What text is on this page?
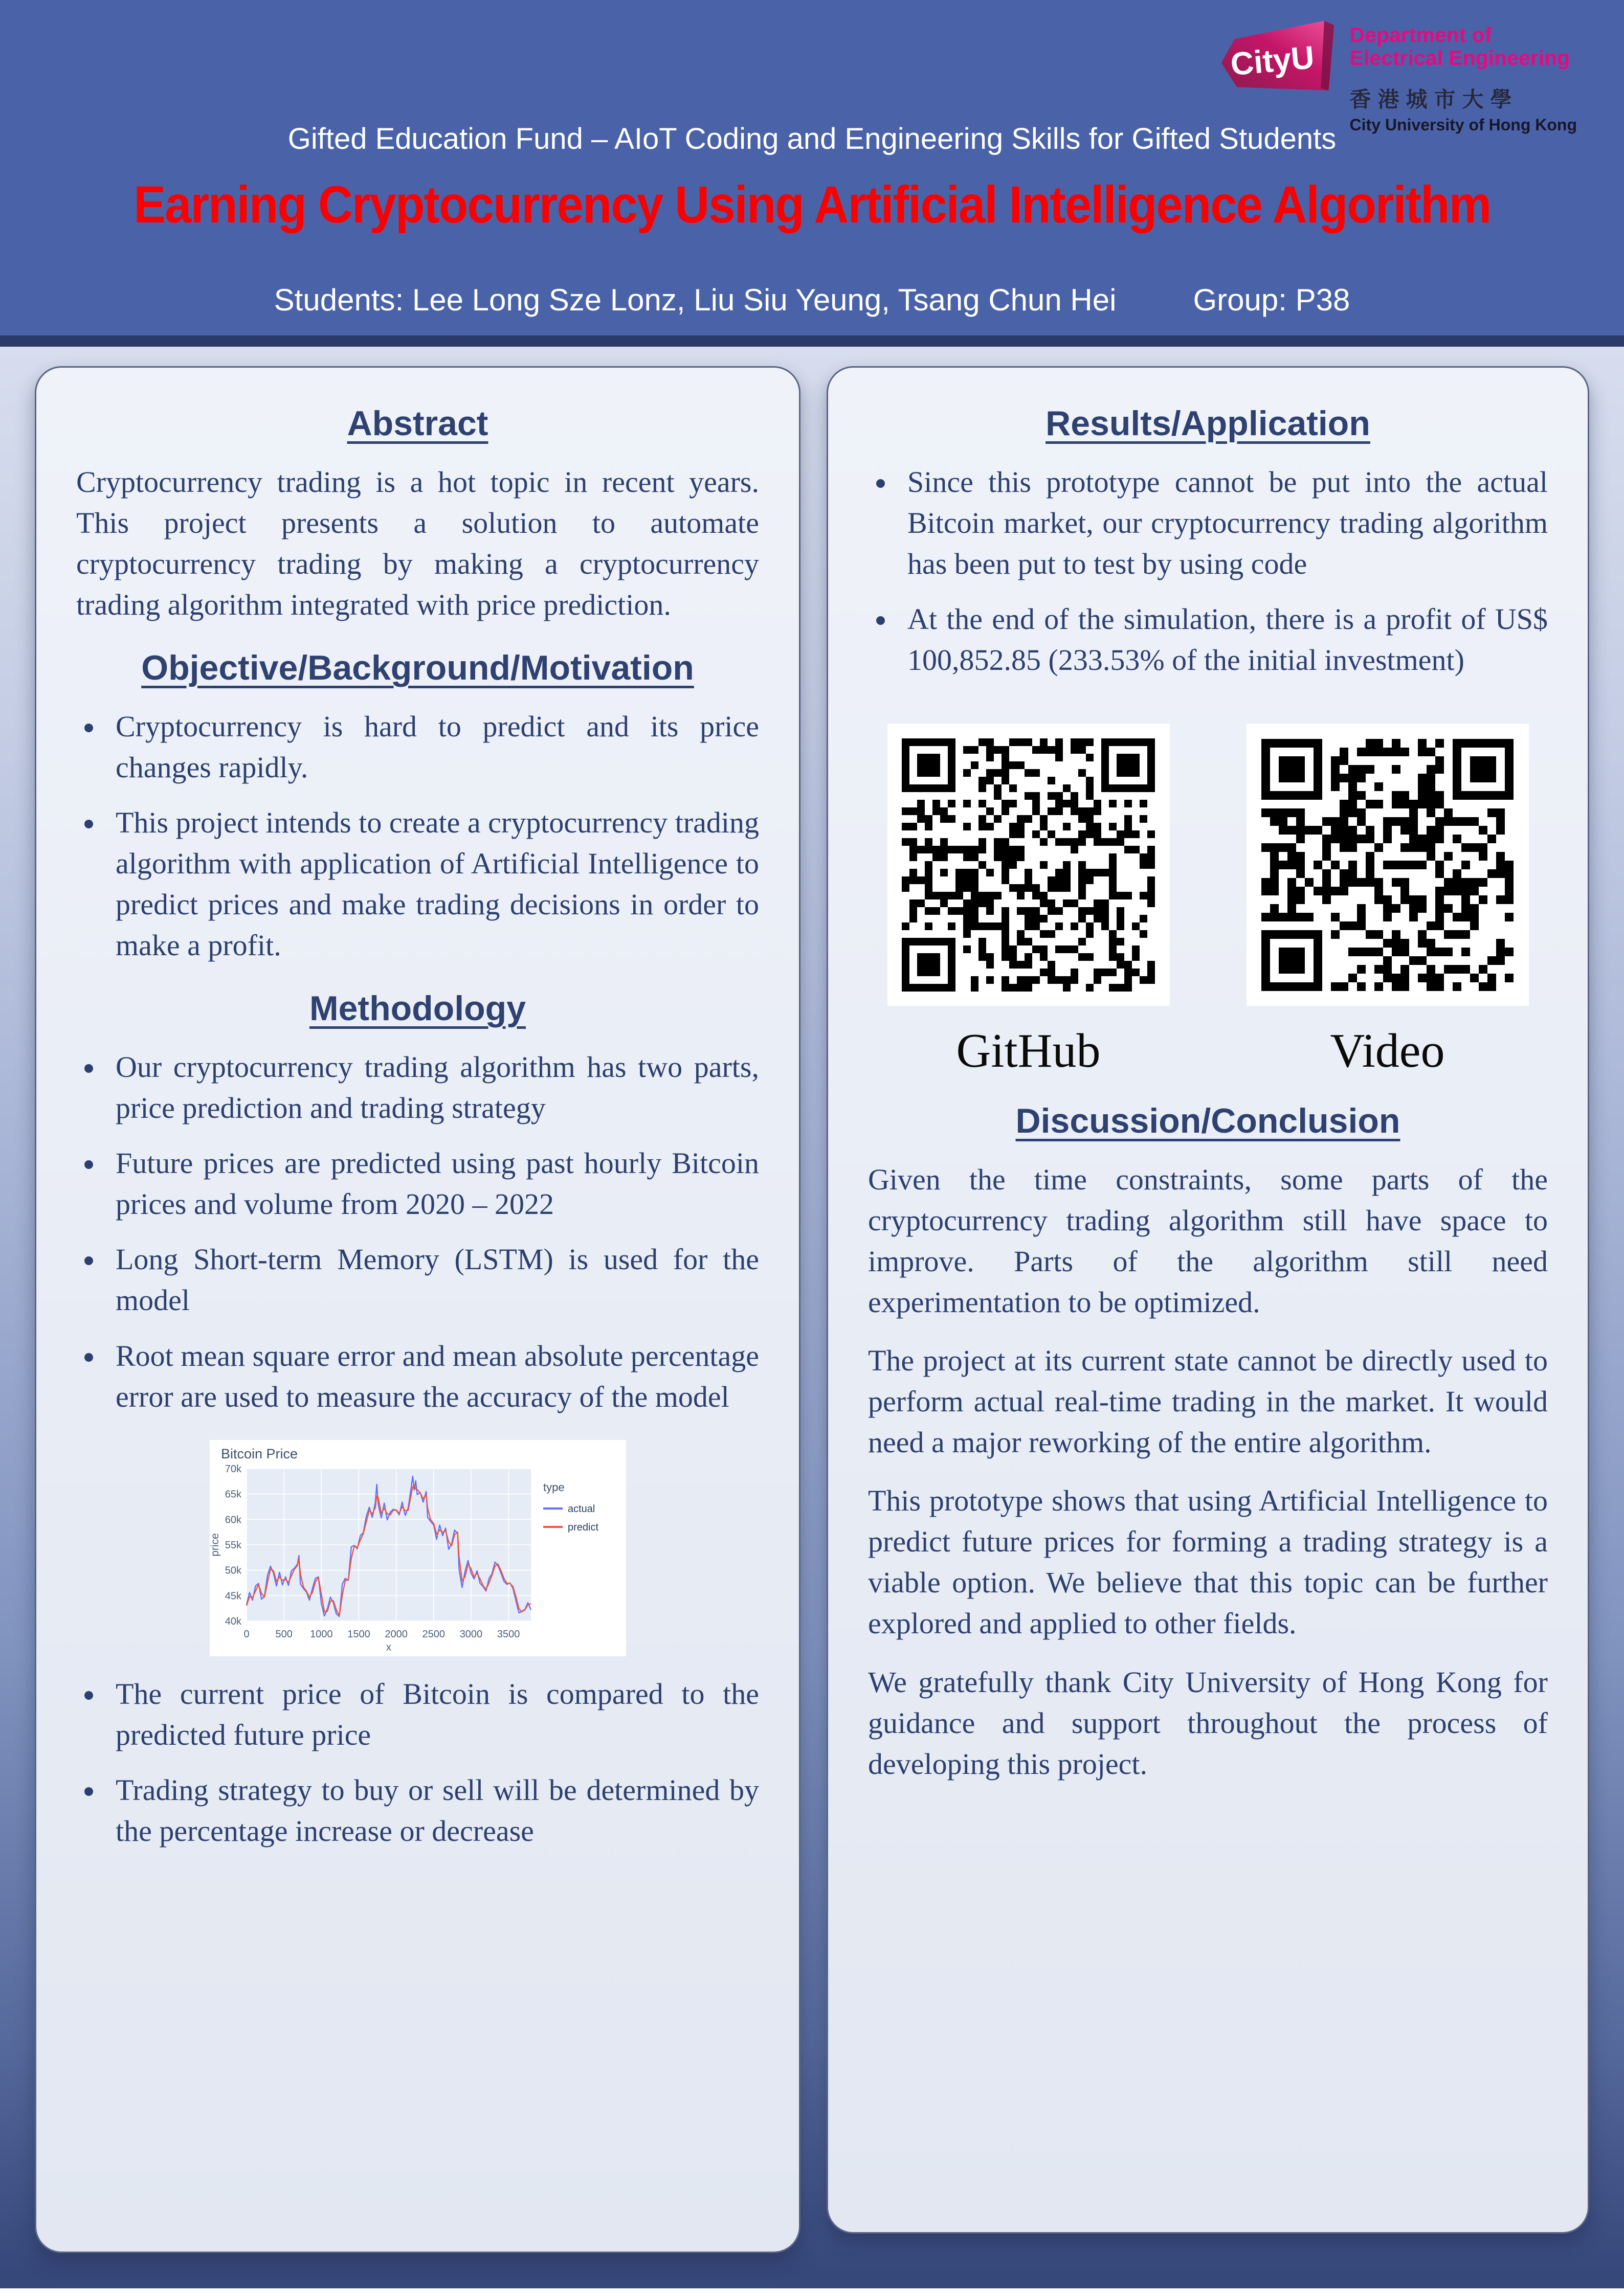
CityU
Department of
Electrical Engineering
香港城市大學
City University of Hong Kong
Gifted Education Fund – AIoT Coding and Engineering Skills for Gifted Students
Earning Cryptocurrency Using Artificial Intelligence Algorithm
Students: Lee Long Sze Lonz, Liu Siu Yeung, Tsang Chun Hei	Group: P38
Abstract

Cryptocurrency trading is a hot topic in recent years. This project presents a solution to automate cryptocurrency trading by making a cryptocurrency trading algorithm integrated with price prediction.

Objective/Background/Motivation
Cryptocurrency is hard to predict and its price changes rapidly.
This project intends to create a cryptocurrency trading algorithm with application of Artificial Intelligence to predict prices and make trading decisions in order to make a profit.
Methodology
Our cryptocurrency trading algorithm has two parts, price prediction and trading strategy
Future prices are predicted using past hourly Bitcoin prices and volume from 2020 – 2022
Long Short-term Memory (LSTM) is used for the model
Root mean square error and mean absolute percentage error are used to measure the accuracy of the model
Bitcoin Price
40k
45k
50k
55k
60k
65k
70k
0	500 1000 1500 2000 2500 3000 3500
price
x
type
actual
predict
The current price of Bitcoin is compared to the predicted future price
Trading strategy to buy or sell will be determined by the percentage increase or decrease
Results/Application
Since this prototype cannot be put into the actual Bitcoin market, our cryptocurrency trading algorithm has been put to test by using code
At the end of the simulation, there is a profit of US$ 100,852.85 (233.53% of the initial investment)
GitHub	Video
Discussion/Conclusion

Given the time constraints, some parts of the cryptocurrency trading algorithm still have space to improve. Parts of the algorithm still need experimentation to be optimized.

The project at its current state cannot be directly used to perform actual real-time trading in the market. It would need a major reworking of the entire algorithm.

This prototype shows that using Artificial Intelligence to predict future prices for forming a trading strategy is a viable option. We believe that this topic can be further explored and applied to other fields.

We gratefully thank City University of Hong Kong for guidance and support throughout the process of developing this project.
